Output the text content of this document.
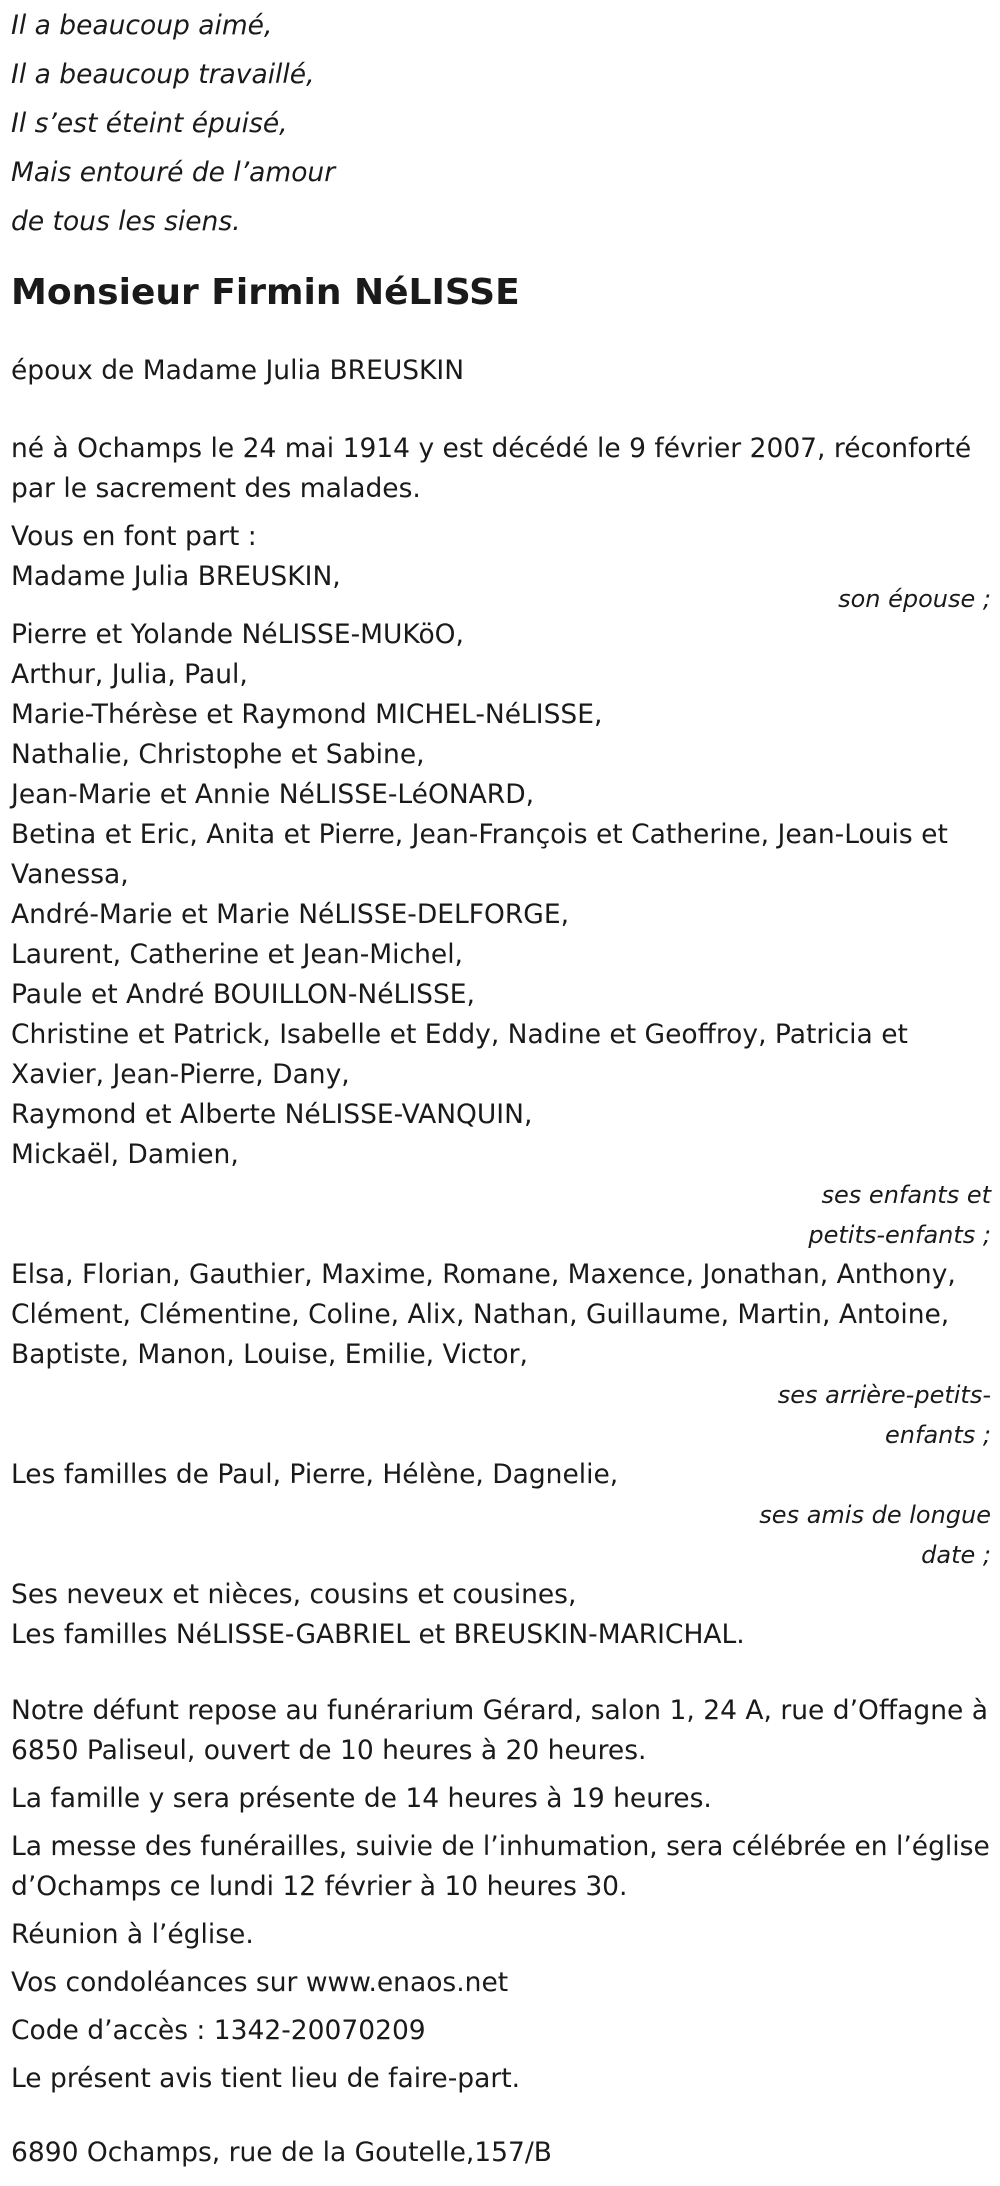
Il a beaucoup aimé,
Il a beaucoup travaillé,
Il s’est éteint épuisé,
Mais entouré de l’amour
de tous les siens.
Monsieur Firmin NéLISSE
époux de Madame Julia BREUSKIN
né à Ochamps le 24 mai 1914 y est décédé le 9 février 2007, réconforté
par le sacrement des malades.
Vous en font part :
Madame Julia BREUSKIN,
son épouse ;
Pierre et Yolande NéLISSE-MUKöO,
Arthur, Julia, Paul,
Marie-Thérèse et Raymond MICHEL-NéLISSE,
Nathalie, Christophe et Sabine,
Jean-Marie et Annie NéLISSE-LéONARD,
Betina et Eric, Anita et Pierre, Jean-François et Catherine, Jean-Louis et
Vanessa,
André-Marie et Marie NéLISSE-DELFORGE,
Laurent, Catherine et Jean-Michel,
Paule et André BOUILLON-NéLISSE,
Christine et Patrick, Isabelle et Eddy, Nadine et Geoffroy, Patricia et
Xavier, Jean-Pierre, Dany,
Raymond et Alberte NéLISSE-VANQUIN,
Mickaël, Damien,
ses enfants et
petits-enfants ;
Elsa, Florian, Gauthier, Maxime, Romane, Maxence, Jonathan, Anthony,
Clément, Clémentine, Coline, Alix, Nathan, Guillaume, Martin, Antoine,
Baptiste, Manon, Louise, Emilie, Victor,
ses arrière-petits-
enfants ;
Les familles de Paul, Pierre, Hélène, Dagnelie,
ses amis de longue
date ;
Ses neveux et nièces, cousins et cousines,
Les familles NéLISSE-GABRIEL et BREUSKIN-MARICHAL.
Notre défunt repose au funérarium Gérard, salon 1, 24 A, rue d’Offagne à
6850 Paliseul, ouvert de 10 heures à 20 heures.
La famille y sera présente de 14 heures à 19 heures.
La messe des funérailles, suivie de l’inhumation, sera célébrée en l’église
d’Ochamps ce lundi 12 février à 10 heures 30.
Réunion à l’église.
Vos condoléances sur www.enaos.net
Code d’accès : 1342-20070209
Le présent avis tient lieu de faire-part.
6890 Ochamps, rue de la Goutelle,157/B
